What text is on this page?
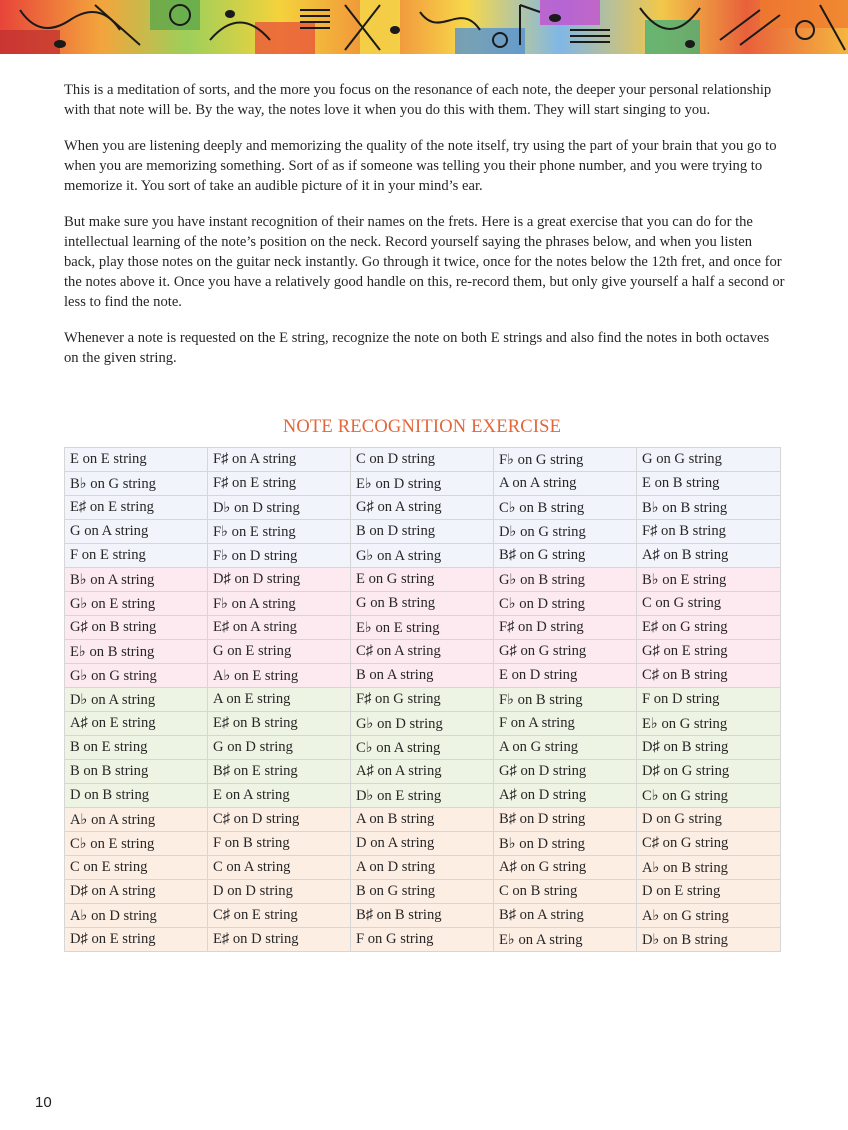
This is a meditation of sorts, and the more you focus on the resonance of each note, the deeper your personal relationship with that note will be. By the way, the notes love it when you do this with them. They will start singing to you.

When you are listening deeply and memorizing the quality of the note itself, try using the part of your brain that you go to when you are memorizing something. Sort of as if someone was telling you their phone number, and you were trying to memorize it. You sort of take an audible picture of it in your mind’s ear.

But make sure you have instant recognition of their names on the frets. Here is a great exercise that you can do for the intellectual learning of the note’s position on the neck. Record yourself saying the phrases below, and when you listen back, play those notes on the guitar neck instantly. Go through it twice, once for the notes below the 12th fret, and once for the notes above it. Once you have a relatively good handle on this, re-record them, but only give yourself a half a second or less to find the note.

Whenever a note is requested on the E string, recognize the note on both E strings and also find the notes in both octaves on the given string.

NOTE RECOGNITION EXERCISE
E on E string	F♯ on A string	C on D string	F♭ on G string	G on G string
B♭ on G string	F♯ on E string	E♭ on D string	A on A string	E on B string
E♯ on E string	D♭ on D string	G♯ on A string	C♭ on B string	B♭ on B string
G on A string	F♭ on E string	B on D string	D♭ on G string	F♯ on B string
F on E string	F♭ on D string	G♭ on A string	B♯ on G string	A♯ on B string
B♭ on A string	D♯ on D string	E on G string	G♭ on B string	B♭ on E string
G♭ on E string	F♭ on A string	G on B string	C♭ on D string	C on G string
G♯ on B string	E♯ on A string	E♭ on E string	F♯ on D string	E♯ on G string
E♭ on B string	G on E string	C♯ on A string	G♯ on G string	G♯ on E string
G♭ on G string	A♭ on E string	B on A string	E on D string	C♯ on B string
D♭ on A string	A on E string	F♯ on G string	F♭ on B string	F on D string
A♯ on E string	E♯ on B string	G♭ on D string	F on A string	E♭ on G string
B on E string	G on D string	C♭ on A string	A on G string	D♯ on B string
B on B string	B♯ on E string	A♯ on A string	G♯ on D string	D♯ on G string
D on B string	E on A string	D♭ on E string	A♯ on D string	C♭ on G string
A♭ on A string	C♯ on D string	A on B string	B♯ on D string	D on G string
C♭ on E string	F on B string	D on A string	B♭ on D string	C♯ on G string
C on E string	C on A string	A on D string	A♯ on G string	A♭ on B string
D♯ on A string	D on D string	B on G string	C on B string	D on E string
A♭ on D string	C♯ on E string	B♯ on B string	B♯ on A string	A♭ on G string
D♯ on E string	E♯ on D string	F on G string	E♭ on A string	D♭ on B string
10
